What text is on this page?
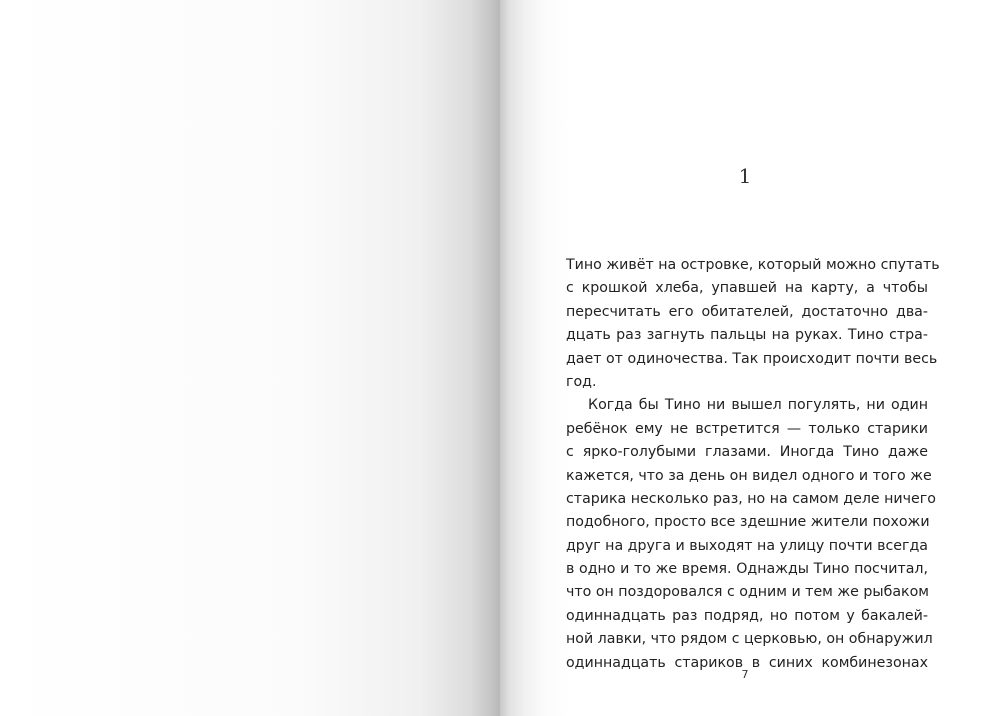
1
Тино живёт на островке, который можно спутать
с крошкой хлеба, упавшей на карту, а чтобы
пересчитать его обитателей, достаточно два-
дцать раз загнуть пальцы на руках. Тино стра-
дает от одиночества. Так происходит почти весь
год.
Когда бы Тино ни вышел погулять, ни один
ребёнок ему не встретится — только старики
с ярко-голубыми глазами. Иногда Тино даже
кажется, что за день он видел одного и того же
старика несколько раз, но на самом деле ничего
подобного, просто все здешние жители похожи
друг на друга и выходят на улицу почти всегда
в одно и то же время. Однажды Тино посчитал,
что он поздоровался с одним и тем же рыбаком
одиннадцать раз подряд, но потом у бакалей-
ной лавки, что рядом с церковью, он обнаружил
одиннадцать стариков в синих комбинезонах
7
